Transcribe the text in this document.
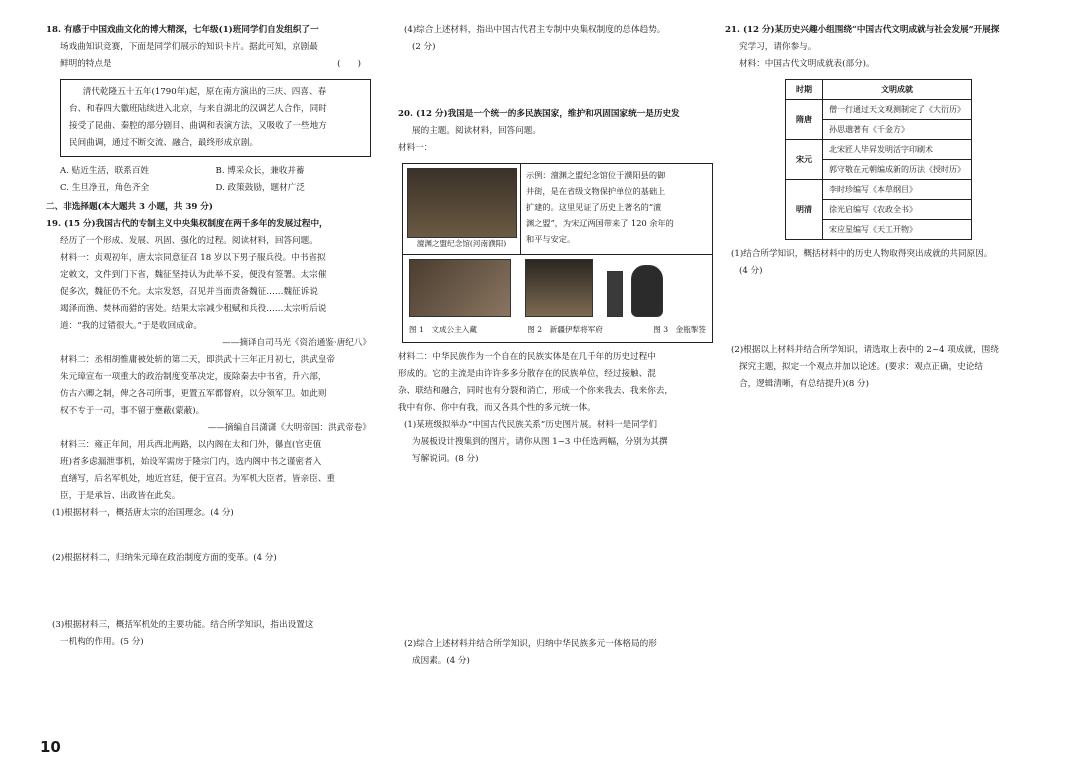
18. 有感于中国戏曲文化的博大精深，七年级(1)班同学们自发组织了一

场戏曲知识竞赛，下面是同学们展示的知识卡片。据此可知，京剧最

鲜明的特点是	(　　)

清代乾隆五十五年(1790年)起，原在南方演出的三庆、四喜、春

台、和春四大徽班陆续进入北京，与来自湖北的汉调艺人合作，同时

接受了昆曲、秦腔的部分剧目、曲调和表演方法，又吸收了一些地方

民间曲调，通过不断交流、融合，最终形成京剧。

A. 贴近生活，联系百姓	B. 博采众长，兼收并蓄
C. 生旦净丑，角色齐全	D. 政策鼓励，题材广泛

二、非选择题(本大题共 3 小题，共 39 分)

19. (15 分)我国古代的专制主义中央集权制度在两千多年的发展过程中，

经历了一个形成、发展、巩固、强化的过程。阅读材料，回答问题。

材料一：贞观初年，唐太宗同意征召 18 岁以下男子服兵役。中书省拟

定敕文，文件到门下省，魏征坚持认为此举不妥，便没有签署。太宗催

促多次，魏征仍不允。太宗发怒，召见并当面责备魏征……魏征诉说

竭泽而渔、焚林而猎的害处。结果太宗减少租赋和兵役……太宗听后说

道：“我的过错很大。”于是收回成命。

——摘译自司马光《资治通鉴·唐纪八》

材料二：丞相胡惟庸被处斩的第二天，即洪武十三年正月初七，洪武皇帝

朱元璋宣布一项重大的政治制度变革决定，废除秦去中书省，升六部，

仿古六卿之制，俾之各司所事，更置五军都督府，以分领军卫。如此则

权不专于一司，事不留于壅蔽(蒙蔽)。

——摘编自吕潇潇《大明帝国：洪武帝卷》

材料三：雍正年间，用兵西北两路，以内阁在太和门外，儤直(官吏值

班)者多虑漏泄事机，始设军需房于隆宗门内，选内阁中书之谨密者入

直缮写，后名军机处，地近宫廷，便于宣召。为军机大臣者，皆亲臣、重

臣，于是承旨、出政皆在此矣。

(1)根据材料一，概括唐太宗的治国理念。(4 分)

(2)根据材料二，归纳朱元璋在政治制度方面的变革。(4 分)

(3)根据材料三，概括军机处的主要功能。结合所学知识，指出设置这

一机构的作用。(5 分)

(4)综合上述材料，指出中国古代君主专制中央集权制度的总体趋势。

(2 分)

20. (12 分)我国是一个统一的多民族国家，维护和巩固国家统一是历史发

展的主题。阅读材料，回答问题。

材料一：

澶渊之盟纪念馆(河南濮阳)

示例：澶渊之盟纪念馆位于濮阳县的御

井街，是在省级文物保护单位的基础上

扩建的。这里见证了历史上著名的“澶

渊之盟”，为宋辽两国带来了 120 余年的

和平与安定。

图 1　文成公主入藏	图 2　新疆伊犁将军府	图 3　金瓶掣签

材料二：中华民族作为一个自在的民族实体是在几千年的历史过程中

形成的。它的主流是由许许多多分散存在的民族单位，经过接触、混

杂、联结和融合，同时也有分裂和消亡，形成一个你来我去、我来你去，

我中有你、你中有我，而又各具个性的多元统一体。

(1)某班级拟举办“中国古代民族关系”历史图片展。材料一是同学们

为展板设计搜集到的图片，请你从图 1~3 中任选两幅，分别为其撰

写解说词。(8 分)

(2)综合上述材料并结合所学知识，归纳中华民族多元一体格局的形

成因素。(4 分)

21. (12 分)某历史兴趣小组围绕“中国古代文明成就与社会发展”开展探

究学习，请你参与。

材料：中国古代文明成就表(部分)。

时期	文明成就
隋唐	僧一行通过天文观测制定了《大衍历》
	孙思邈著有《千金方》
宋元	北宋匠人毕昇发明活字印刷术
	郭守敬在元朝编成新的历法《授时历》
明清	李时珍编写《本草纲目》
	徐光启编写《农政全书》
	宋应星编写《天工开物》

(1)结合所学知识，概括材料中的历史人物取得突出成就的共同原因。

(4 分)

(2)根据以上材料并结合所学知识，请选取上表中的 2~4 项成就，围绕

探究主题，拟定一个观点并加以论述。(要求：观点正确，史论结

合，逻辑清晰，有总结提升)(8 分)

10
